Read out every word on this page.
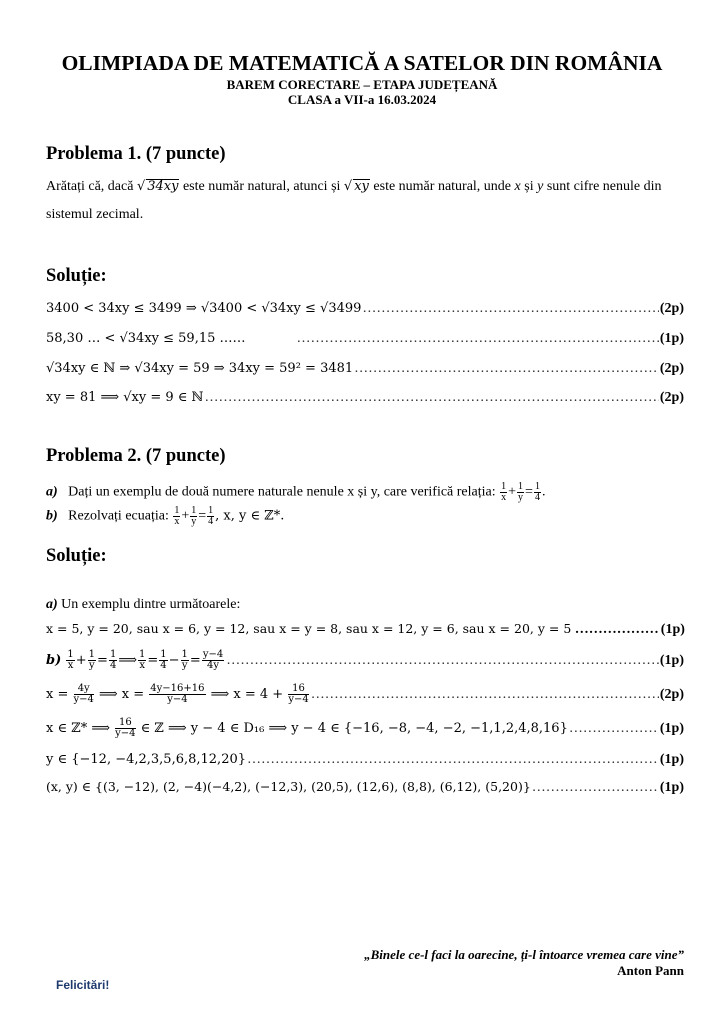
OLIMPIADA DE MATEMATICĂ A SATELOR DIN ROMÂNIA
BAREM CORECTARE – ETAPA JUDEȚEANĂ
CLASA a VII-a 16.03.2024
Problema 1. (7 puncte)
Arătați că, dacă √ 34xy este număr natural, atunci și √ xy este număr natural, unde x și y sunt cifre nenule din
sistemul zecimal.
Soluție:
3400 < 34xy ≤ 3499 ⇒ √3400 < √34xy ≤ √3499 …………………………………………………………………………………………………………………………………………………………………	(2p)
58,30 … < √34xy ≤ 59,15 …… …………………………………………………………………………………………………………………………………………………………………	(1p)
√34xy ∈ ℕ ⇒ √34xy = 59 ⇒ 34xy = 59² = 3481 …………………………………………………………………………………………………………………………………………………………………	(2p)
xy = 81 ⟹ √xy = 9 ∈ ℕ …………………………………………………………………………………………………………………………………………………………………	(2p)
Problema 2. (7 puncte)
a) Dați un exemplu de două numere naturale nenule x și y, care verifică relația: $\frac{1}{x} + \frac{1}{y} = \frac{1}{4}$ .
b) Rezolvați ecuația: $\frac{1}{x} + \frac{1}{y} = \frac{1}{4}$ , x, y ∈ ℤ*.
Soluție:
a) Un exemplu dintre următoarele:
x = 5, y = 20, sau x = 6, y = 12, sau x = y = 8, sau x = 12, y = 6, sau x = 20, y = 5
……………… (1p)
$b) \frac{1}{x} + \frac{1}{y} = \frac{1}{4}$ ⟹ $\frac{1}{x} = \frac{1}{4} - \frac{1}{y} = \frac{y-4}{4y}$ …………………………………………………………………………………………………………………………………………………………………	(1p)
$x = \frac{4y}{y-4}$ ⟹ $x = \frac{4y-16+16}{y-4}$ ⟹ $x = 4 + \frac{16}{y-4}$ …………………………………………………………………………………………………………………………………………………………………	(2p)
x ∈ ℤ* ⟹ $\frac{16}{y-4}$ ∈ ℤ ⟹ y − 4 ∈ D₁₆ ⟹ y − 4 ∈ {−16, −8, −4, −2, −1,1,2,4,8,16} …………………………………………………………………………………………………………………………………………………………………	(1p)
y ∈ {−12, −4,2,3,5,6,8,12,20} …………………………………………………………………………………………………………………………………………………………………	(1p)
(x, y) ∈ {(3, −12), (2, −4)(−4,2), (−12,3), (20,5), (12,6), (8,8), (6,12), (5,20)} …………………………………………………………………………………………………………………………………………………………………	(1p)
„Binele ce-l faci la oarecine, ți-l întoarce vremea care vine”
Anton Pann
Felicitări!
